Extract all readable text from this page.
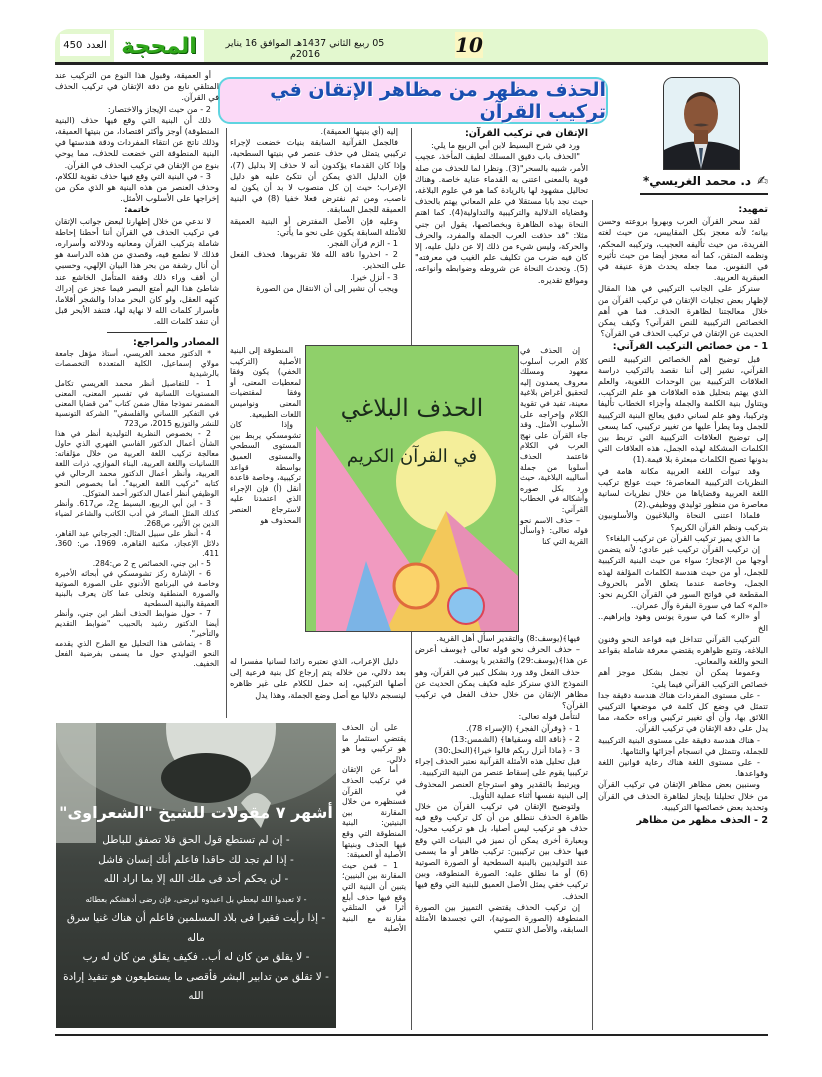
العدد
450	المحجة	05 ربيع الثاني 1437هـ الموافق 16 يناير 2016م	10
الحذف مظهر من مظاهر الإتقان في تركيب القرآن
✍
د. محمد الغريسي*

تمهيد:

لقد سحر القرآن العرب وبهروا بروعته وحسن بيانه؛ لأنه معجز بكل المقاييس، من حيث لغته الفريدة، من حيث تأليفه العجيب، وتركيبه المحكم، ونظمه المتقن، كما أنه معجز أيضا من حيث تأثيره في النفوس. مما جعله يحدث هزة عنيفة في العبقرية العربية.

سنركز على الجانب التركيبي في هذا المقال لإظهار بعض تجليات الإتقان في تركيب القرآن من خلال معالجتنا لظاهرة الحذف. فما هي أهم الخصائص التركيبية للنص القرآني؟ وكيف يمكن الحديث عن الإتقان في تركيب الحذف في القرآن؟

1 - من خصائص التركيب القرآني:

قبل توضيح أهم الخصائص التركيبية للنص القرآني، نشير إلى أننا نقصد بالتركيب دراسة العلاقات التركيبية بين الوحدات اللغوية، والعلم الذي يهتم بتحليل هذه العلاقات هو علم التركيب، ويتناول بنية الكلمة والجملة وأجزاء الخطاب تأليفا وتركيبا، وهو علم لساني دقيق يعالج البنية التركيبية للجمل وما يطرأ عليها من تغيير تركيبي، كما يسعى إلى توضيح العلاقات التركيبية التي تربط بين الكلمات المشكلة لهذه الجمل، هذه العلاقات التي بدونها تصبح الكلمات مبعثرة بلا قيمة.(1)

وقد تبوأت اللغة العربية مكانة هامة في النظريات التركيبية المعاصرة؛ حيث عولج تركيب اللغة العربية وقضاياها من خلال نظريات لسانية معاصرة من منظور توليدي ووظيفي.(2)

فلماذا اعتنى النحاة والبلاغيون والأسلوبيون بتركيب ونظم القرآن الكريم؟

ما الذي يميز تركيب القرآن عن تركيب البلغاء؟

إن تركيب القرآن تركيب غير عادي؛ لأنه يتضمن أوجها من الإعجاز؛ سواء من حيث البنية التركيبية للجمل، أو من حيث هندسة الكلمات المؤلفة لهذه الجمل، وخاصة عندما يتعلق الأمر بالحروف المقطعة في فواتح السور في القرآن الكريم نحو: «الم» كما في سورة البقرة وآل عمران..

أو «الر» كما في سورة يونس وهود وإبراهيم.. الخ

التركيب القرآني تتداخل فيه قواعد النحو وفنون البلاغة، وتتبع ظواهره يقتضي معرفة شاملة بقواعد النحو واللغة والمعاني.

وعموما يمكن أن نجمل بشكل موجز أهم خصائص التركيب القرآني فيما يلي:

- على مستوى المفردات هناك هندسة دقيقة جدا تتمثل في وضع كل كلمة في موضعها التركيبي اللائق بها، وأن أي تغيير تركيبي وراءه حكمة، مما يدل على دقة الإتقان في تركيب القرآن.

- هناك هندسة دقيقة على مستوى البنية التركيبية للجملة، وتتمثل في انسجام أجزائها والتئامها.

- على مستوى اللغة هناك رعاية قوانين اللغة وقواعدها.

وسنبين بعض مظاهر الإتقان في تركيب القرآن من خلال تحليلنا بإيجاز لظاهرة الحذف في القرآن وتحديد بعض خصائصها التركيبية.

2 - الحذف مظهر من مظاهر

الإتقان في تركيب القرآن:

ورد في شرح البسيط لابن أبي الربيع ما يلي:

"الحذف باب دقيق المسلك لطيف المأخذ، عجيب الأمر، شبيه بالسحر"(3). ونظرا لما للحذف من صلة قوية بالمعنى اعتنى به القدماء عناية خاصة. وهناك تحاليل مشهود لها بالريادة كما هو في علوم البلاغة، حيث نجد بابا مستقلا في علم المعاني يهتم بالحذف وقضاياه الدلالية والتركيبية والتداولية(4). كما اهتم النحاة بهذه الظاهرة وبخصائصها، يقول ابن جني مثلا: "قد حذفت العرب الجملة والمفرد، والحرف والحركة، وليس شيء من ذلك إلا عن دليل عليه، إلا كان فيه ضرب من تكليف علم الغيب في معرفته"(5). وتحدث النحاة عن شروطه وضوابطه وأنواعه، ومواقع تقديره.

إن الحذف في كلام العرب أسلوب معهود ومسلك معروف يعمدون إليه لتحقيق أغراض بلاغية معينة، تفيد في تقوية الكلام وإخراجه على الأسلوب الأمثل. وقد جاء القرآن على نهج العرب في الكلام فاعتمد الحذف أسلوبا من جملة أساليبه البلاغية، حيث ورد بكل صوره وأشكاله في الخطاب القرآني:

– حذف الاسم نحو قوله تعالى: ﴿واسأل القرية التي كنا

فيها﴾(يوسف:8) والتقدير اسأل أهل القرية.

– حذف الحرف نحو قوله تعالى ﴿يوسف أعرض عن هذا﴾(يوسف:29) والتقدير يا يوسف.

حذف الفعل وقد ورد بشكل كبير في القرآن، وهو النموذج الذي سنركز عليه فكيف يمكن الحديث عن مظاهر الإتقان من خلال حذف الفعل في تركيب القرآن؟

لنتأمل قوله تعالى:

1 - ﴿وقرآن الفجر﴾ (الإسراء 78).

2 - ﴿ناقة الله وسقياها﴾ (الشمس:13)

3 - ﴿ماذا أنزل ربكم قالوا خيرا﴾(النحل:30)

قبل تحليل هذه الأمثلة القرآنية نعتبر الحذف إجراء تركيبيا يقوم على إسقاط عنصر من البنية التركيبية.

ويرتبط بالتقدير وهو استرجاع العنصر المحذوف إلى البنية نفسها أثناء عملية التأويل.

ولتوضيح الإتقان في تركيب القرآن من خلال ظاهرة الحذف ننطلق من أن كل تركيب وقع فيه حذف هو تركيب ليس أصليا، بل هو تركيب محول، وبعبارة أخرى يمكن أن نميز في البنيات التي وقع فيها حذف بين تركيبين: تركيب ظاهر أو ما يسمى عند التوليديين بالبنية السطحية أو الصورة الصوتية (6) أو ما نطلق عليه: الصورة المنطوقة، وبين تركيب خفي يمثل الأصل العميق للبنية التي وقع فيها الحذف.

إن تركيب الحذف يقتضي التمييز بين الصورة المنطوقة (الصورة الصوتية)، التي تجسدها الأمثلة السابقة، والأصل الذي تنتمي

إليه (أي بنيتها العميقة).

فالجمل القرآنية السابقة بنيات خضعت لإجراء تركيبي يتمثل في حذف عنصر في بنيتها السطحية، وإذا كان القدماء يؤكدون أنه لا حذف إلا بدليل (7)، فإن الدليل الذي يمكن أن نتكئ عليه هو دليل الإعراب؛ حيث إن كل منصوب لا بد أن يكون له ناصب، ومن ثم نفترض فعلا خفيا (8) في البنية العميقة للجمل السابقة.

وعليه فإن الأصل المفترض أو البنية العميقة للأمثلة السابقة يكون على نحو ما يأتي:

1 - الزم قرآن الفجر.

2 - احذروا ناقة الله فلا تقربوها. فحذف الفعل على التحذير.

3 - أنزل خيرا.

ويجب أن نشير إلى أن الانتقال من الصورة

المنطوقة إلى البنية الأصلية (التركيب الخفي) يكون وفقا لمعطيات المعنى، أو وفقا لمقتضيات المعنى ونواميس اللغات الطبيعية.

وإذا كان تشومسكي يربط بين المستوى السطحي والمستوى العميق بواسطة قواعد تركيبية، وخاصة قاعدة أنقل (أ) فإن الإجراء الذي اعتمدنا عليه لاسترجاع العنصر المحذوف هو

دليل الإعراب، الذي نعتبره رائدا لسانيا مفسرا له بعد دلالي، من خلاله يتم إرجاع كل بنية فرعية إلى أصلها التركيبي، إنه حمل للكلام على غير ظاهره لينسجم دلاليا مع أصل وضع الجملة، وهذا يدل

على أن الحذف يقتضي استثمار ما هو تركيبي وما هو دلالي.

أما عن الإتقان في تركيب الحذف في القرآن فسنظهره من خلال المقارنة بين البنيتين: البنية المنطوقة التي وقع فيها الحذف وبنيتها الأصلية أو العميقة:

1 – فمن حيث المقارنة بين البنيين؛ يتبين أن البنية التي وقع فيها حذف أبلغ أثرا في المتلقي مقارنة مع البنية الأصلية

أو العميقة، وقبول هذا النوع من التركيب عند المتلقي نابع من دقة الإتقان في تركيب الحذف في القرآن.

2 - من حيث الإيجاز والاختصار:

ذلك أن البنية التي وقع فيها حذف (البنية المنطوقة) أوجز وأكثر اقتصادا، من بنيتها العميقة، وذلك ناتج عن انتقاء المفردات ودقة هندستها في البنية المنطوقة التي خضعت للحذف، مما يوحي بنوع من الإتقان في تركيب الحذف في القرآن.

3 - في البنية التي وقع فيها حذف تقوية للكلام، وحذف العنصر من هذه البنية هو الذي مكن من إخراجها على الأسلوب الأمثل.

خاتمة:

لا ندعي من خلال إظهارنا لبعض جوانب الإتقان في تركيب الحذف في القرآن أننا أحطنا إحاطة شاملة بتركيب القرآن ومعانيه ودلالاته وأسراره، فذلك لا نطمع فيه، وقصدي من هذه الدراسة هو أن أنال رشفة من بحر هذا البيان الإلهي، وحسبي أن أقف وراء ذلك وقفة المتأمل الخاشع عند شاطئ هذا اليم أمتع البصر فيما عجز عن إدراك كنهه العقل، ولو كان البحر مدادا والشجر أقلاما، فأسرار كلمات الله لا نهاية لها، فتنفد الأبحر قبل أن تنفد كلمات الله.

المصادر والمراجع:

* الدكتور محمد الغريسي، أستاذ مؤهل جامعة مولاي إسماعيل، الكلية المتعددة التخصصات بالرشيدية

1 - للتفاصيل أنظر محمد الغريسي تكامل المستويات اللسانية في تفسير المعنى، المعنى المضمر نموذجا مقال ضمن كتاب "من قضايا المعنى في التفكير اللساني والفلسفي" الشركة التونسية للنشر والتوزيع 2015، ص723

2 - بخصوص النظرية التوليدية أنظر في هذا الشأن أعمال الدكتور الفاسي الفهري الذي حاول معالجة تركيب اللغة العربية من خلال مؤلفاته: اللسانيات واللغة العربية، البناء الموازي، ذرات اللغة العربية، وأنظر أعمال الدكتور محمد الرحالي في كتابه "تركيب اللغة العربية". أما بخصوص النحو الوظيفي أنظر أعمال الدكتور أحمد المتوكل.

3 - ابن أبي الربيع، البسيط ج2، ص617. وأنظر كذلك المثل السائر في أدب الكاتب والشاعر لضياء الدين بن الأثير، ص268.

4 - أنظر على سبيل المثال: الجرجاني عبد القاهر، دلائل الإعجاز، مكتبة القاهرة، 1969، ص: 360، 411.

5 - ابن جني، الخصائص ج 2 ص:284.

6 - الإشارة ركز تشومسكي في أبحاثه الأخيرة وخاصة في البرنامج الأدنوي على الصورة الصوتية والصورة المنطقية وتخلى عما كان يعرف بالبنية العميقة والبنية السطحية

7 - حول ضوابط الحذف أنظر ابن جني، وأنظر أيضا الدكتور رشيد بالحبيب "ضوابط التقديم والتأخير".

8 - يتماشى هذا التحليل مع الطرح الذي يقدمه النحو التوليدي حول ما يسمى بفرضية الفعل الخفيف.

الحذف البلاغي
في القرآن الكريم
أشهر ٧ مقولات للشيخ "الشعراوى"
- إن لم تستطع قول الحق فلا تصفق للباطل
- إذا لم تجد لك حاقدا فاعلم أنك إنسان فاشل
- لن يحكم أحد فى ملك الله إلا بما اراد الله
- لا تعبدوا الله ليعطي بل اعبدوه ليرضى، فإن رضى أدهشكم بعطائه
- إذا رأيت فقيرا فى بلاد المسلمين فاعلم أن هناك غنيا سرق ماله
- لا يقلق من كان له أب.. فكيف يقلق من كان له رب
- لا تقلق من تدابير البشر فأقصى ما يستطيعون هو تنفيذ إرادة الله
